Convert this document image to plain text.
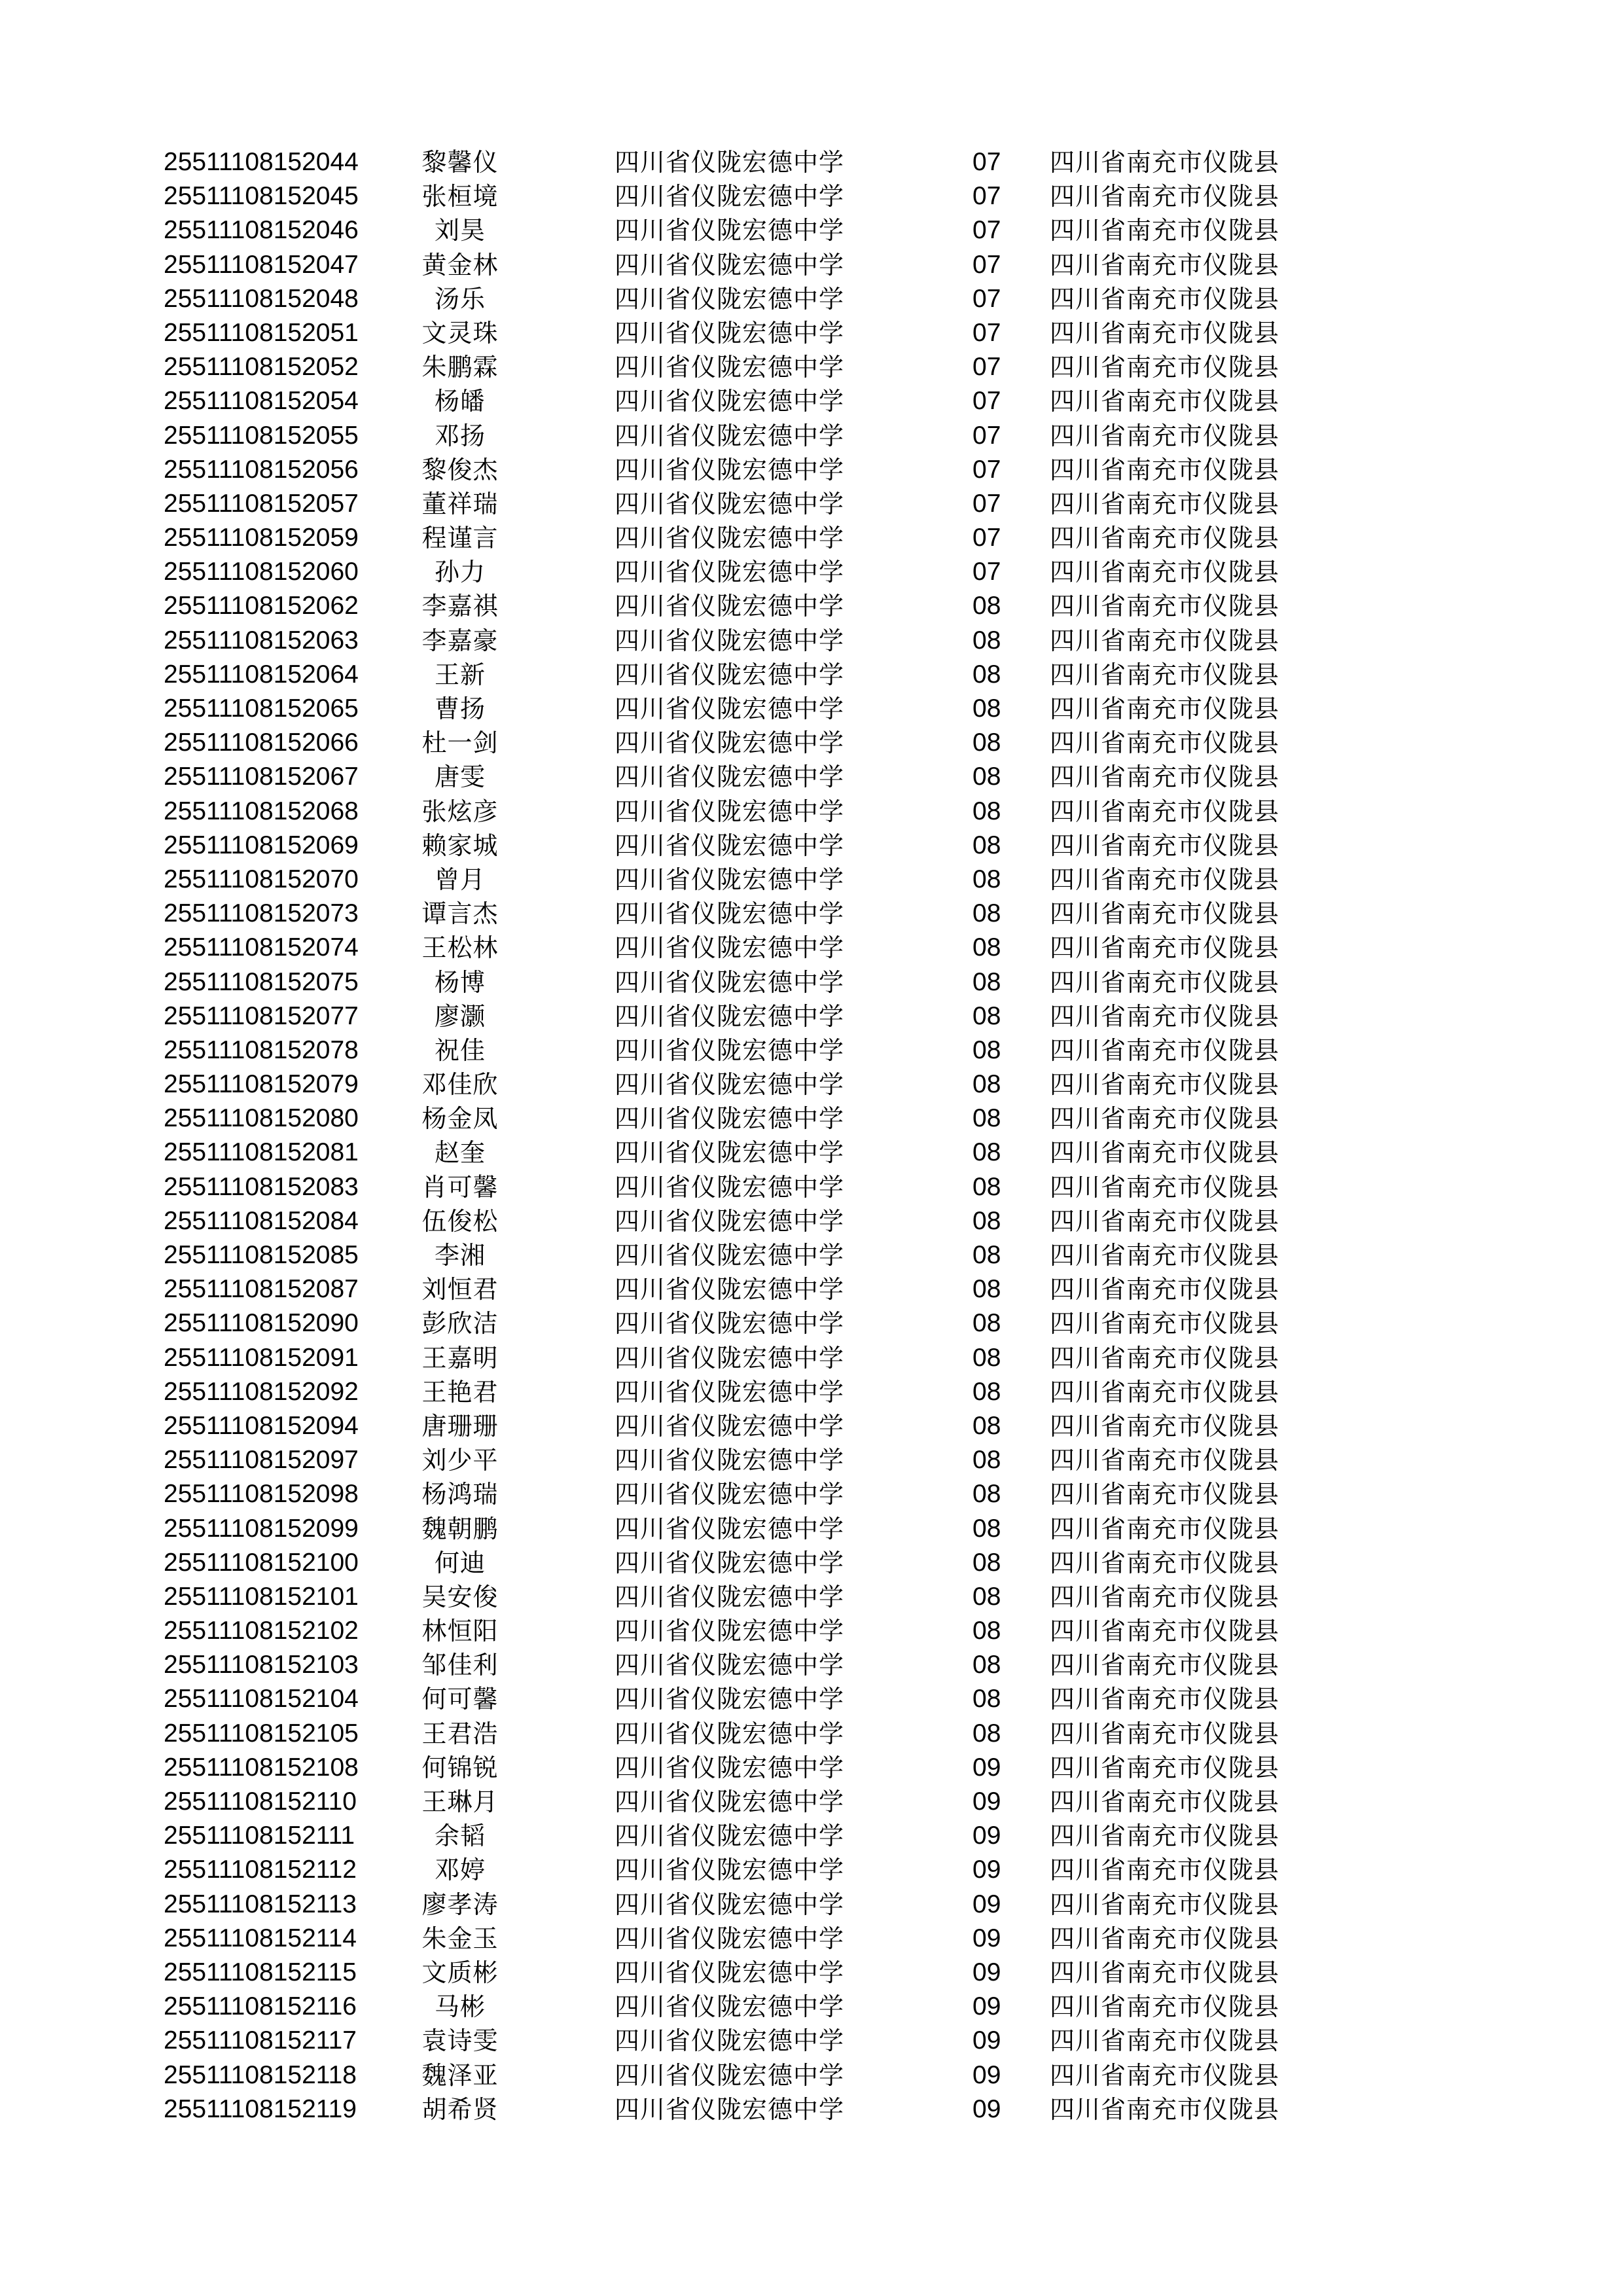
25511108152044	黎馨仪	四川省仪陇宏德中学	07 四川省南充市仪陇县
25511108152045	张桓境	四川省仪陇宏德中学	07 四川省南充市仪陇县
25511108152046	刘昊	四川省仪陇宏德中学	07 四川省南充市仪陇县
25511108152047	黄金林	四川省仪陇宏德中学	07 四川省南充市仪陇县
25511108152048	汤乐	四川省仪陇宏德中学	07 四川省南充市仪陇县
25511108152051	文灵珠	四川省仪陇宏德中学	07 四川省南充市仪陇县
25511108152052	朱鹏霖	四川省仪陇宏德中学	07 四川省南充市仪陇县
25511108152054	杨皤	四川省仪陇宏德中学	07 四川省南充市仪陇县
25511108152055	邓扬	四川省仪陇宏德中学	07 四川省南充市仪陇县
25511108152056	黎俊杰	四川省仪陇宏德中学	07 四川省南充市仪陇县
25511108152057	董祥瑞	四川省仪陇宏德中学	07 四川省南充市仪陇县
25511108152059	程谨言	四川省仪陇宏德中学	07 四川省南充市仪陇县
25511108152060	孙力	四川省仪陇宏德中学	07 四川省南充市仪陇县
25511108152062	李嘉祺	四川省仪陇宏德中学	08 四川省南充市仪陇县
25511108152063	李嘉豪	四川省仪陇宏德中学	08 四川省南充市仪陇县
25511108152064	王新	四川省仪陇宏德中学	08 四川省南充市仪陇县
25511108152065	曹扬	四川省仪陇宏德中学	08 四川省南充市仪陇县
25511108152066	杜一剑	四川省仪陇宏德中学	08 四川省南充市仪陇县
25511108152067	唐雯	四川省仪陇宏德中学	08 四川省南充市仪陇县
25511108152068	张炫彦	四川省仪陇宏德中学	08 四川省南充市仪陇县
25511108152069	赖家城	四川省仪陇宏德中学	08 四川省南充市仪陇县
25511108152070	曾月	四川省仪陇宏德中学	08 四川省南充市仪陇县
25511108152073	谭言杰	四川省仪陇宏德中学	08 四川省南充市仪陇县
25511108152074	王松林	四川省仪陇宏德中学	08 四川省南充市仪陇县
25511108152075	杨博	四川省仪陇宏德中学	08 四川省南充市仪陇县
25511108152077	廖灏	四川省仪陇宏德中学	08 四川省南充市仪陇县
25511108152078	祝佳	四川省仪陇宏德中学	08 四川省南充市仪陇县
25511108152079	邓佳欣	四川省仪陇宏德中学	08 四川省南充市仪陇县
25511108152080	杨金凤	四川省仪陇宏德中学	08 四川省南充市仪陇县
25511108152081	赵奎	四川省仪陇宏德中学	08 四川省南充市仪陇县
25511108152083	肖可馨	四川省仪陇宏德中学	08 四川省南充市仪陇县
25511108152084	伍俊松	四川省仪陇宏德中学	08 四川省南充市仪陇县
25511108152085	李湘	四川省仪陇宏德中学	08 四川省南充市仪陇县
25511108152087	刘恒君	四川省仪陇宏德中学	08 四川省南充市仪陇县
25511108152090	彭欣洁	四川省仪陇宏德中学	08 四川省南充市仪陇县
25511108152091	王嘉明	四川省仪陇宏德中学	08 四川省南充市仪陇县
25511108152092	王艳君	四川省仪陇宏德中学	08 四川省南充市仪陇县
25511108152094	唐珊珊	四川省仪陇宏德中学	08 四川省南充市仪陇县
25511108152097	刘少平	四川省仪陇宏德中学	08 四川省南充市仪陇县
25511108152098	杨鸿瑞	四川省仪陇宏德中学	08 四川省南充市仪陇县
25511108152099	魏朝鹏	四川省仪陇宏德中学	08 四川省南充市仪陇县
25511108152100	何迪	四川省仪陇宏德中学	08 四川省南充市仪陇县
25511108152101	吴安俊	四川省仪陇宏德中学	08 四川省南充市仪陇县
25511108152102	林恒阳	四川省仪陇宏德中学	08 四川省南充市仪陇县
25511108152103	邹佳利	四川省仪陇宏德中学	08 四川省南充市仪陇县
25511108152104	何可馨	四川省仪陇宏德中学	08 四川省南充市仪陇县
25511108152105	王君浩	四川省仪陇宏德中学	08 四川省南充市仪陇县
25511108152108	何锦锐	四川省仪陇宏德中学	09 四川省南充市仪陇县
25511108152110	王琳月	四川省仪陇宏德中学	09 四川省南充市仪陇县
25511108152111	余韬	四川省仪陇宏德中学	09 四川省南充市仪陇县
25511108152112	邓婷	四川省仪陇宏德中学	09 四川省南充市仪陇县
25511108152113	廖孝涛	四川省仪陇宏德中学	09 四川省南充市仪陇县
25511108152114	朱金玉	四川省仪陇宏德中学	09 四川省南充市仪陇县
25511108152115	文质彬	四川省仪陇宏德中学	09 四川省南充市仪陇县
25511108152116	马彬	四川省仪陇宏德中学	09 四川省南充市仪陇县
25511108152117	袁诗雯	四川省仪陇宏德中学	09 四川省南充市仪陇县
25511108152118	魏泽亚	四川省仪陇宏德中学	09 四川省南充市仪陇县
25511108152119	胡希贤	四川省仪陇宏德中学	09 四川省南充市仪陇县
